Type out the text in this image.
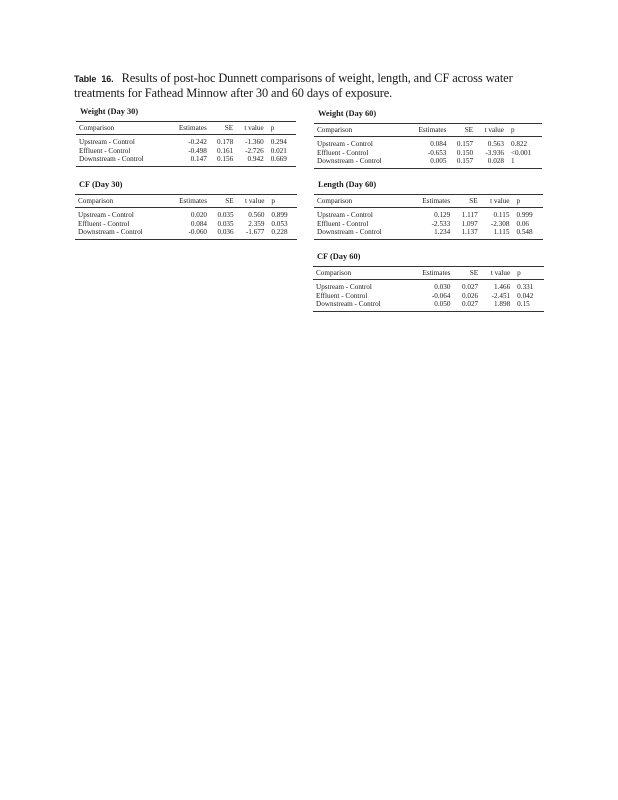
Table 16. Results of post-hoc Dunnett comparisons of weight, length, and CF across water treatments for Fathead Minnow after 30 and 60 days of exposure.
Weight (Day 30)
Comparison	Estimates	SE	t value	p
Upstream - Control	-0.242	0.178	-1.360	0.294
Effluent - Control	-0.498	0.161	-2.726	0.021
Downstream - Control	0.147	0.156	0.942	0.669
Weight (Day 60)
Comparison	Estimates	SE	t value	p
Upstream - Control	0.084	0.157	0.563	0.822
Effluent - Control	-0.653	0.150	-3.936	<0.001
Downstream - Control	0.005	0.157	0.028	1
CF (Day 30)
Comparison	Estimates	SE	t value	p
Upstream - Control	0.020	0.035	0.560	0.899
Effluent - Control	0.084	0.035	2.359	0.053
Downstream - Control	-0.060	0.036	-1.677	0.228
Length (Day 60)
Comparison	Estimates	SE	t value	p
Upstream - Control	0.129	1.117	0.115	0.999
Effluent - Control	-2.533	1.097	-2.308	0.06
Downstream - Control	1.234	1.137	1.115	0.548
CF (Day 60)
Comparison	Estimates	SE	t value	p
Upstream - Control	0.030	0.027	1.466	0.331
Effluent - Control	-0.064	0.026	-2.451	0.042
Downstream - Control	0.050	0.027	1.898	0.15
